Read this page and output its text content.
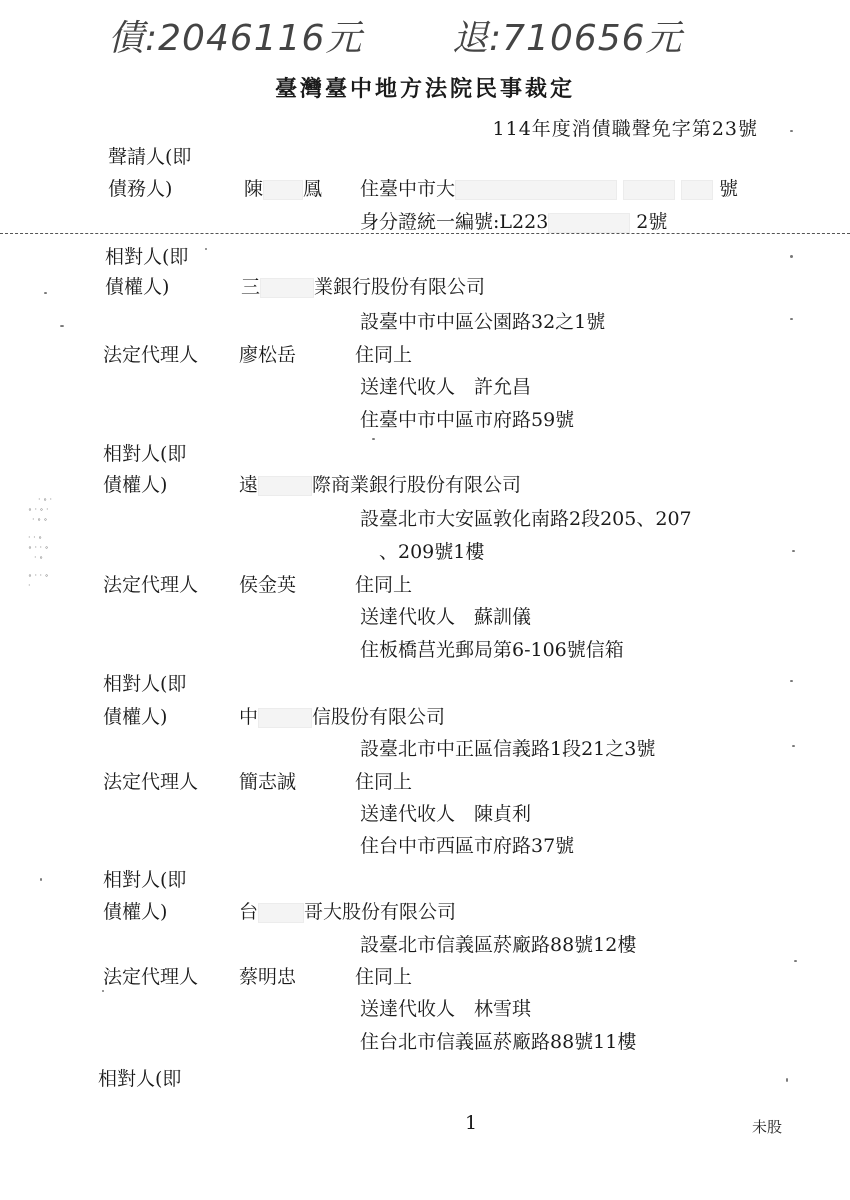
債:2046116元 退:710656元
臺灣臺中地方法院民事裁定
114年度消債職聲免字第23號
聲請人(即
債務人)	陳 鳳 住臺中市大	號
身分證統一編號:L223	2號
相對人(即
債權人)	三	業銀行股份有限公司
設臺中市中區公園路32之1號
法定代理人 廖松岳	住同上
送達代收人　許允昌
住臺中市中區市府路59號
相對人(即
債權人)	遠	際商業銀行股份有限公司
設臺北市大安區敦化南路2段205、207
　、209號1樓
法定代理人 侯金英	住同上
送達代收人　蘇訓儀
住板橋莒光郵局第6-106號信箱
相對人(即
債權人)	中	信股份有限公司
設臺北市中正區信義路1段21之3號
法定代理人 簡志誠	住同上
送達代收人　陳貞利
住台中市西區市府路37號
相對人(即
債權人)	台 哥大股份有限公司
設臺北市信義區菸廠路88號12樓
法定代理人 蔡明忠	住同上
送達代收人　林雪琪
住台北市信義區菸廠路88號11樓
相對人(即
1	未股
· ∘ ·
∘ · ∘ ·
· ∘ ∘
· · ∘
∘ · · ∘
· ∘
∘ · · ∘
·
